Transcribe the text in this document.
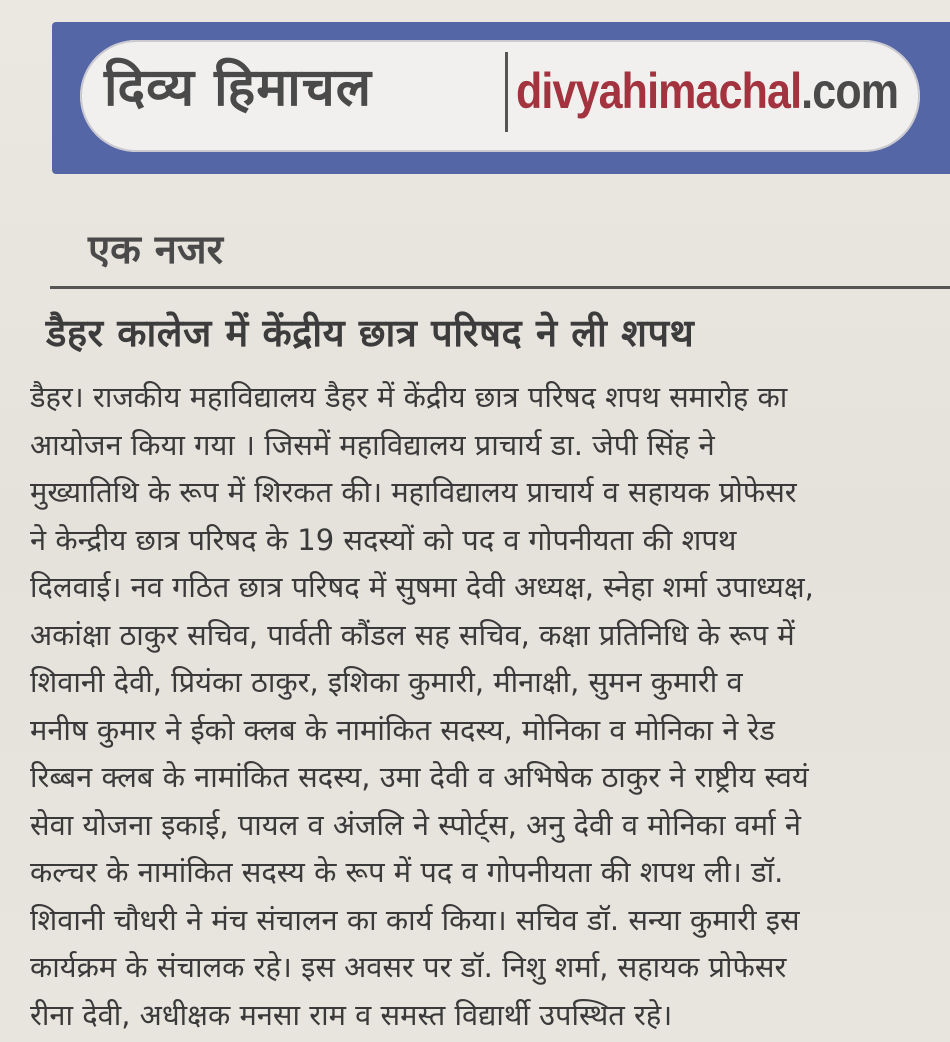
दिव्य हिमाचल	divyahimachal.com
एक नजर
डैहर कालेज में केंद्रीय छात्र परिषद ने ली शपथ
डैहर। राजकीय महाविद्यालय डैहर में केंद्रीय छात्र परिषद शपथ समारोह का
आयोजन किया गया । जिसमें महाविद्यालय प्राचार्य डा. जेपी सिंह ने
मुख्यातिथि के रूप में शिरकत की। महाविद्यालय प्राचार्य व सहायक प्रोफेसर
ने केन्द्रीय छात्र परिषद के 19 सदस्यों को पद व गोपनीयता की शपथ
दिलवाई। नव गठित छात्र परिषद में सुषमा देवी अध्यक्ष, स्नेहा शर्मा उपाध्यक्ष,
अकांक्षा ठाकुर सचिव, पार्वती कौंडल सह सचिव, कक्षा प्रतिनिधि के रूप में
शिवानी देवी, प्रियंका ठाकुर, इशिका कुमारी, मीनाक्षी, सुमन कुमारी व
मनीष कुमार ने ईको क्लब के नामांकित सदस्य, मोनिका व मोनिका ने रेड
रिब्बन क्लब के नामांकित सदस्य, उमा देवी व अभिषेक ठाकुर ने राष्ट्रीय स्वयं
सेवा योजना इकाई, पायल व अंजलि ने स्पोर्ट्स, अनु देवी व मोनिका वर्मा ने
कल्चर के नामांकित सदस्य के रूप में पद व गोपनीयता की शपथ ली। डॉ.
शिवानी चौधरी ने मंच संचालन का कार्य किया। सचिव डॉ. सन्या कुमारी इस
कार्यक्रम के संचालक रहे। इस अवसर पर डॉ. निशु शर्मा, सहायक प्रोफेसर
रीना देवी, अधीक्षक मनसा राम व समस्त विद्यार्थी उपस्थित रहे।
